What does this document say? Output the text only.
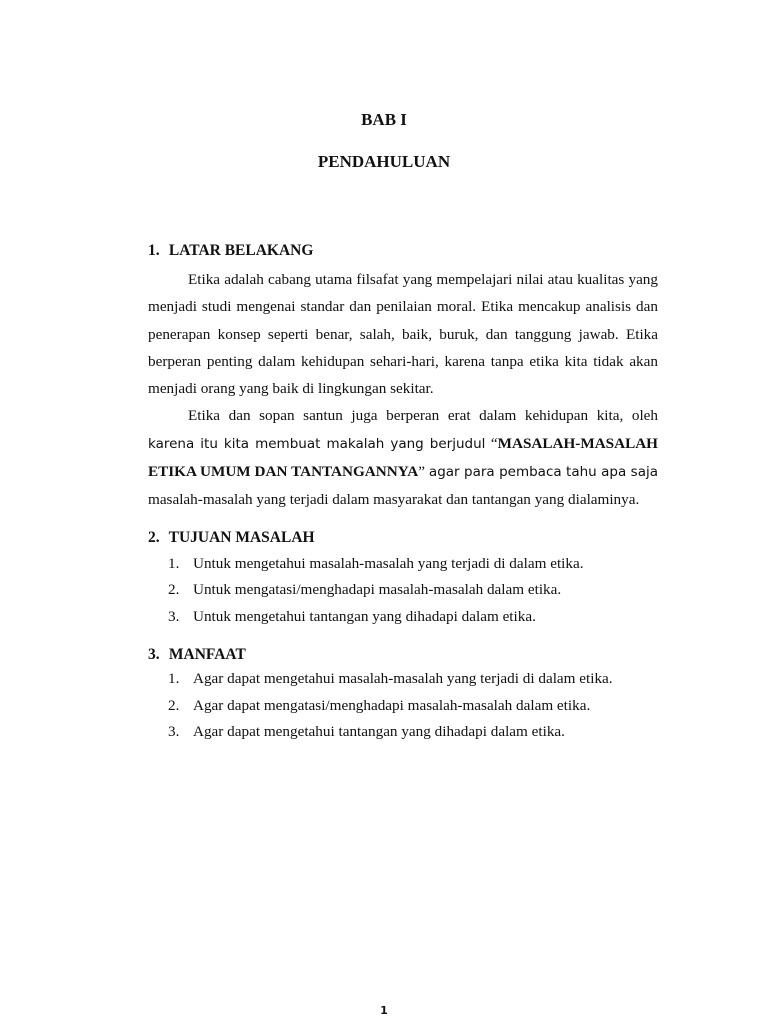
BAB I
PENDAHULUAN
1. LATAR BELAKANG

Etika adalah cabang utama filsafat yang mempelajari nilai atau kualitas yang menjadi studi mengenai standar dan penilaian moral. Etika mencakup analisis dan penerapan konsep seperti benar, salah, baik, buruk, dan tanggung jawab. Etika berperan penting dalam kehidupan sehari-hari, karena tanpa etika kita tidak akan menjadi orang yang baik di lingkungan sekitar.

Etika dan sopan santun juga berperan erat dalam kehidupan kita, oleh karena itu kita membuat makalah yang berjudul “MASALAH-MASALAH ETIKA UMUM DAN TANTANGANNYA” agar para pembaca tahu apa saja masalah-masalah yang terjadi dalam masyarakat dan tantangan yang dialaminya.

2. TUJUAN MASALAH
1. Untuk mengetahui masalah-masalah yang terjadi di dalam etika.
2. Untuk mengatasi/menghadapi masalah-masalah dalam etika.
3. Untuk mengetahui tantangan yang dihadapi dalam etika.
3. MANFAAT
1. Agar dapat mengetahui masalah-masalah yang terjadi di dalam etika.
2. Agar dapat mengatasi/menghadapi masalah-masalah dalam etika.
3. Agar dapat mengetahui tantangan yang dihadapi dalam etika.
1
